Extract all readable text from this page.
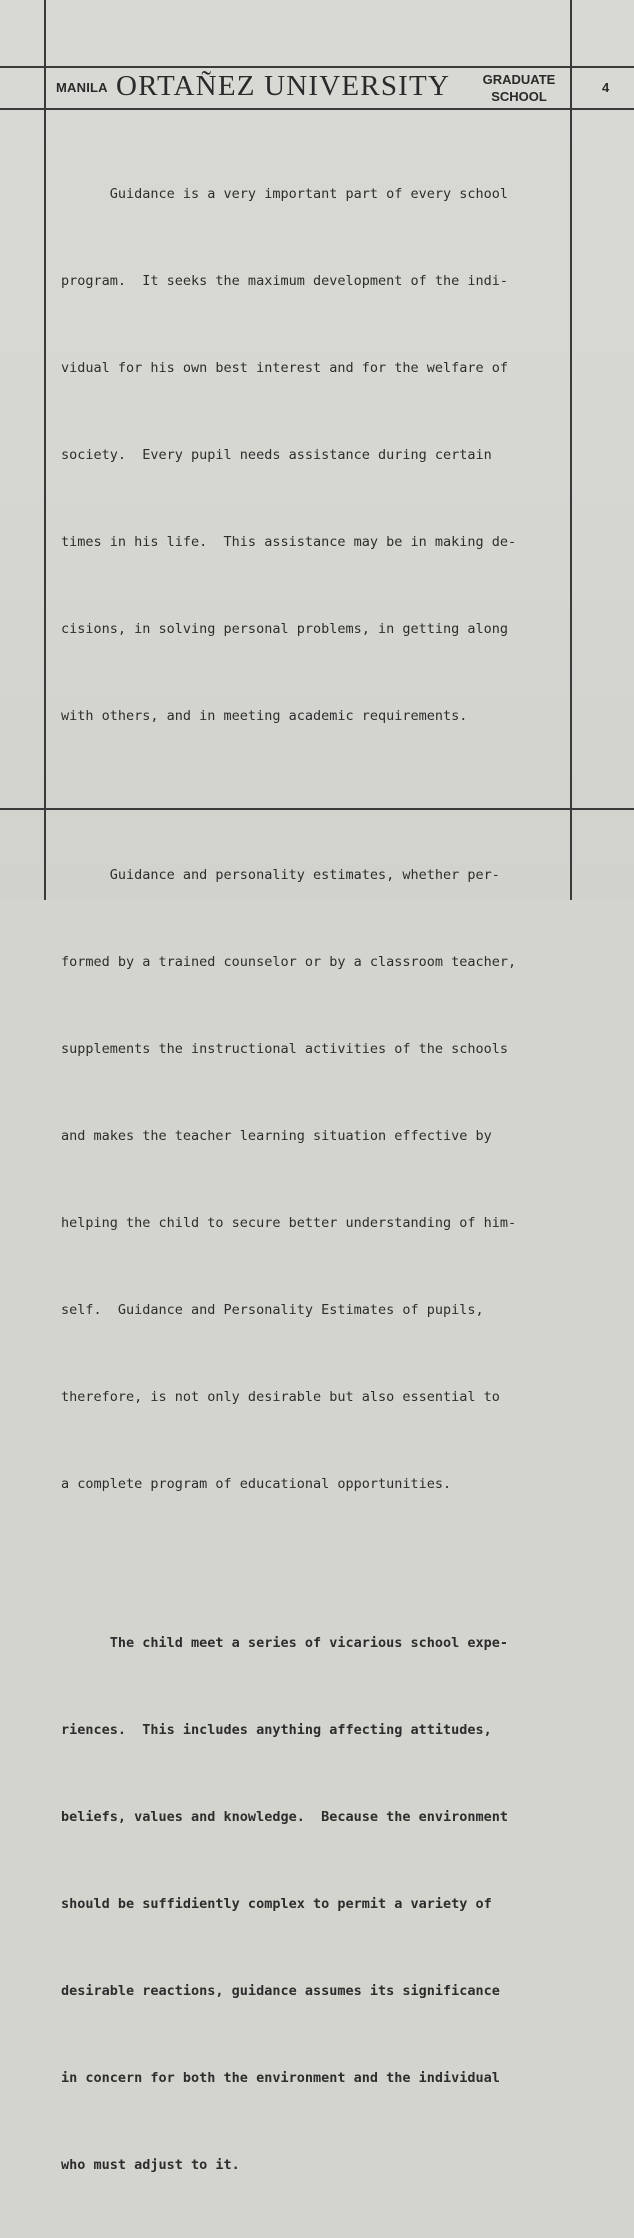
MANILA ORTAÑEZ UNIVERSITY	GRADUATE
SCHOOL
4

Guidance is a very important part of every school

program.  It seeks the maximum development of the indi-

vidual for his own best interest and for the welfare of

society.  Every pupil needs assistance during certain

times in his life.  This assistance may be in making de-

cisions, in solving personal problems, in getting along

with others, and in meeting academic requirements.

Guidance and personality estimates, whether per-

formed by a trained counselor or by a classroom teacher,

supplements the instructional activities of the schools

and makes the teacher learning situation effective by

helping the child to secure better understanding of him-

self.  Guidance and Personality Estimates of pupils,

therefore, is not only desirable but also essential to

a complete program of educational opportunities.

The child meet a series of vicarious school expe-

riences.  This includes anything affecting attitudes,

beliefs, values and knowledge.  Because the environment

should be suffidiently complex to permit a variety of

desirable reactions, guidance assumes its significance

in concern for both the environment and the individual

who must adjust to it.
